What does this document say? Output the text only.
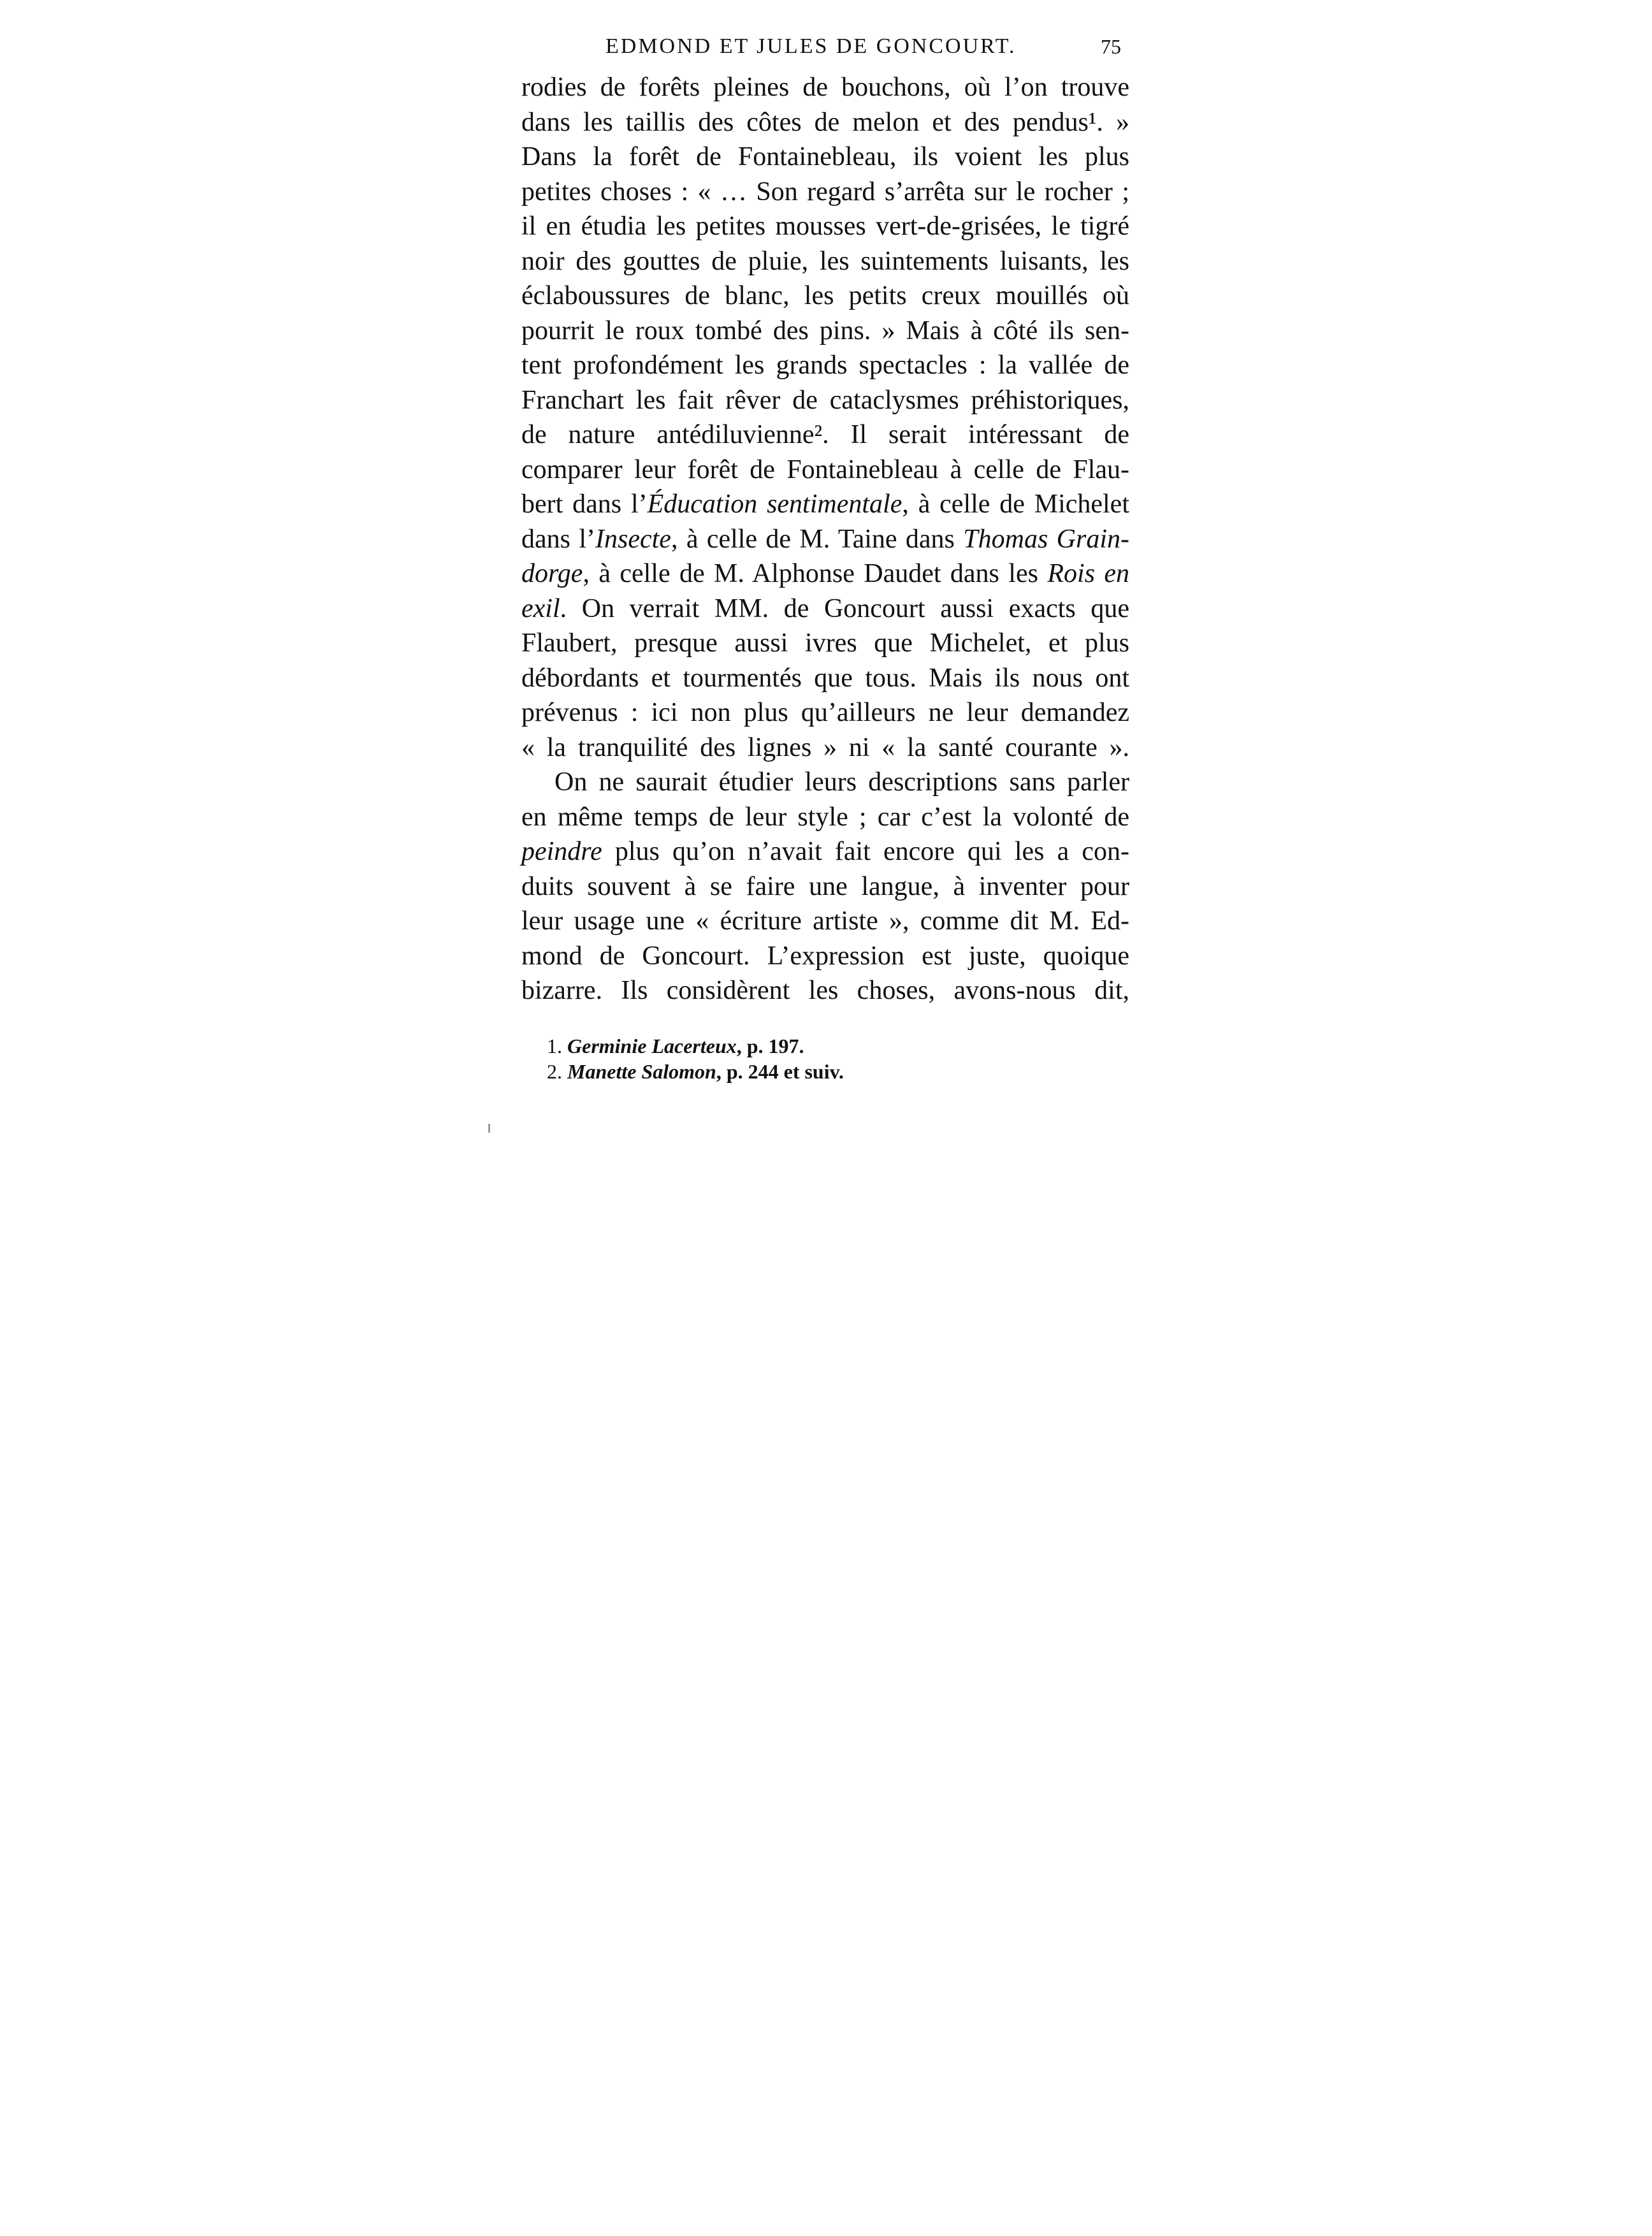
EDMOND ET JULES DE GONCOURT.	75
rodies de forêts pleines de bouchons, où l’on trouve
dans les taillis des côtes de melon et des pendus¹. »
Dans la forêt de Fontainebleau, ils voient les plus
petites choses : « … Son regard s’arrêta sur le rocher ;
il en étudia les petites mousses vert-de-grisées, le tigré
noir des gouttes de pluie, les suintements luisants, les
éclaboussures de blanc, les petits creux mouillés où
pourrit le roux tombé des pins. » Mais à côté ils sen-
tent profondément les grands spectacles : la vallée de
Franchart les fait rêver de cataclysmes préhistoriques,
de nature antédiluvienne². Il serait intéressant de
comparer leur forêt de Fontainebleau à celle de Flau-
bert dans l’Éducation sentimentale, à celle de Michelet
dans l’Insecte, à celle de M. Taine dans Thomas Grain-
dorge, à celle de M. Alphonse Daudet dans les Rois en
exil. On verrait MM. de Goncourt aussi exacts que
Flaubert, presque aussi ivres que Michelet, et plus
débordants et tourmentés que tous. Mais ils nous ont
prévenus : ici non plus qu’ailleurs ne leur demandez
« la tranquilité des lignes » ni « la santé courante ».
On ne saurait étudier leurs descriptions sans parler
en même temps de leur style ; car c’est la volonté de
peindre plus qu’on n’avait fait encore qui les a con-
duits souvent à se faire une langue, à inventer pour
leur usage une « écriture artiste », comme dit M. Ed-
mond de Goncourt. L’expression est juste, quoique
bizarre. Ils considèrent les choses, avons-nous dit,
1. Germinie Lacerteux, p. 197.
2. Manette Salomon, p. 244 et suiv.
